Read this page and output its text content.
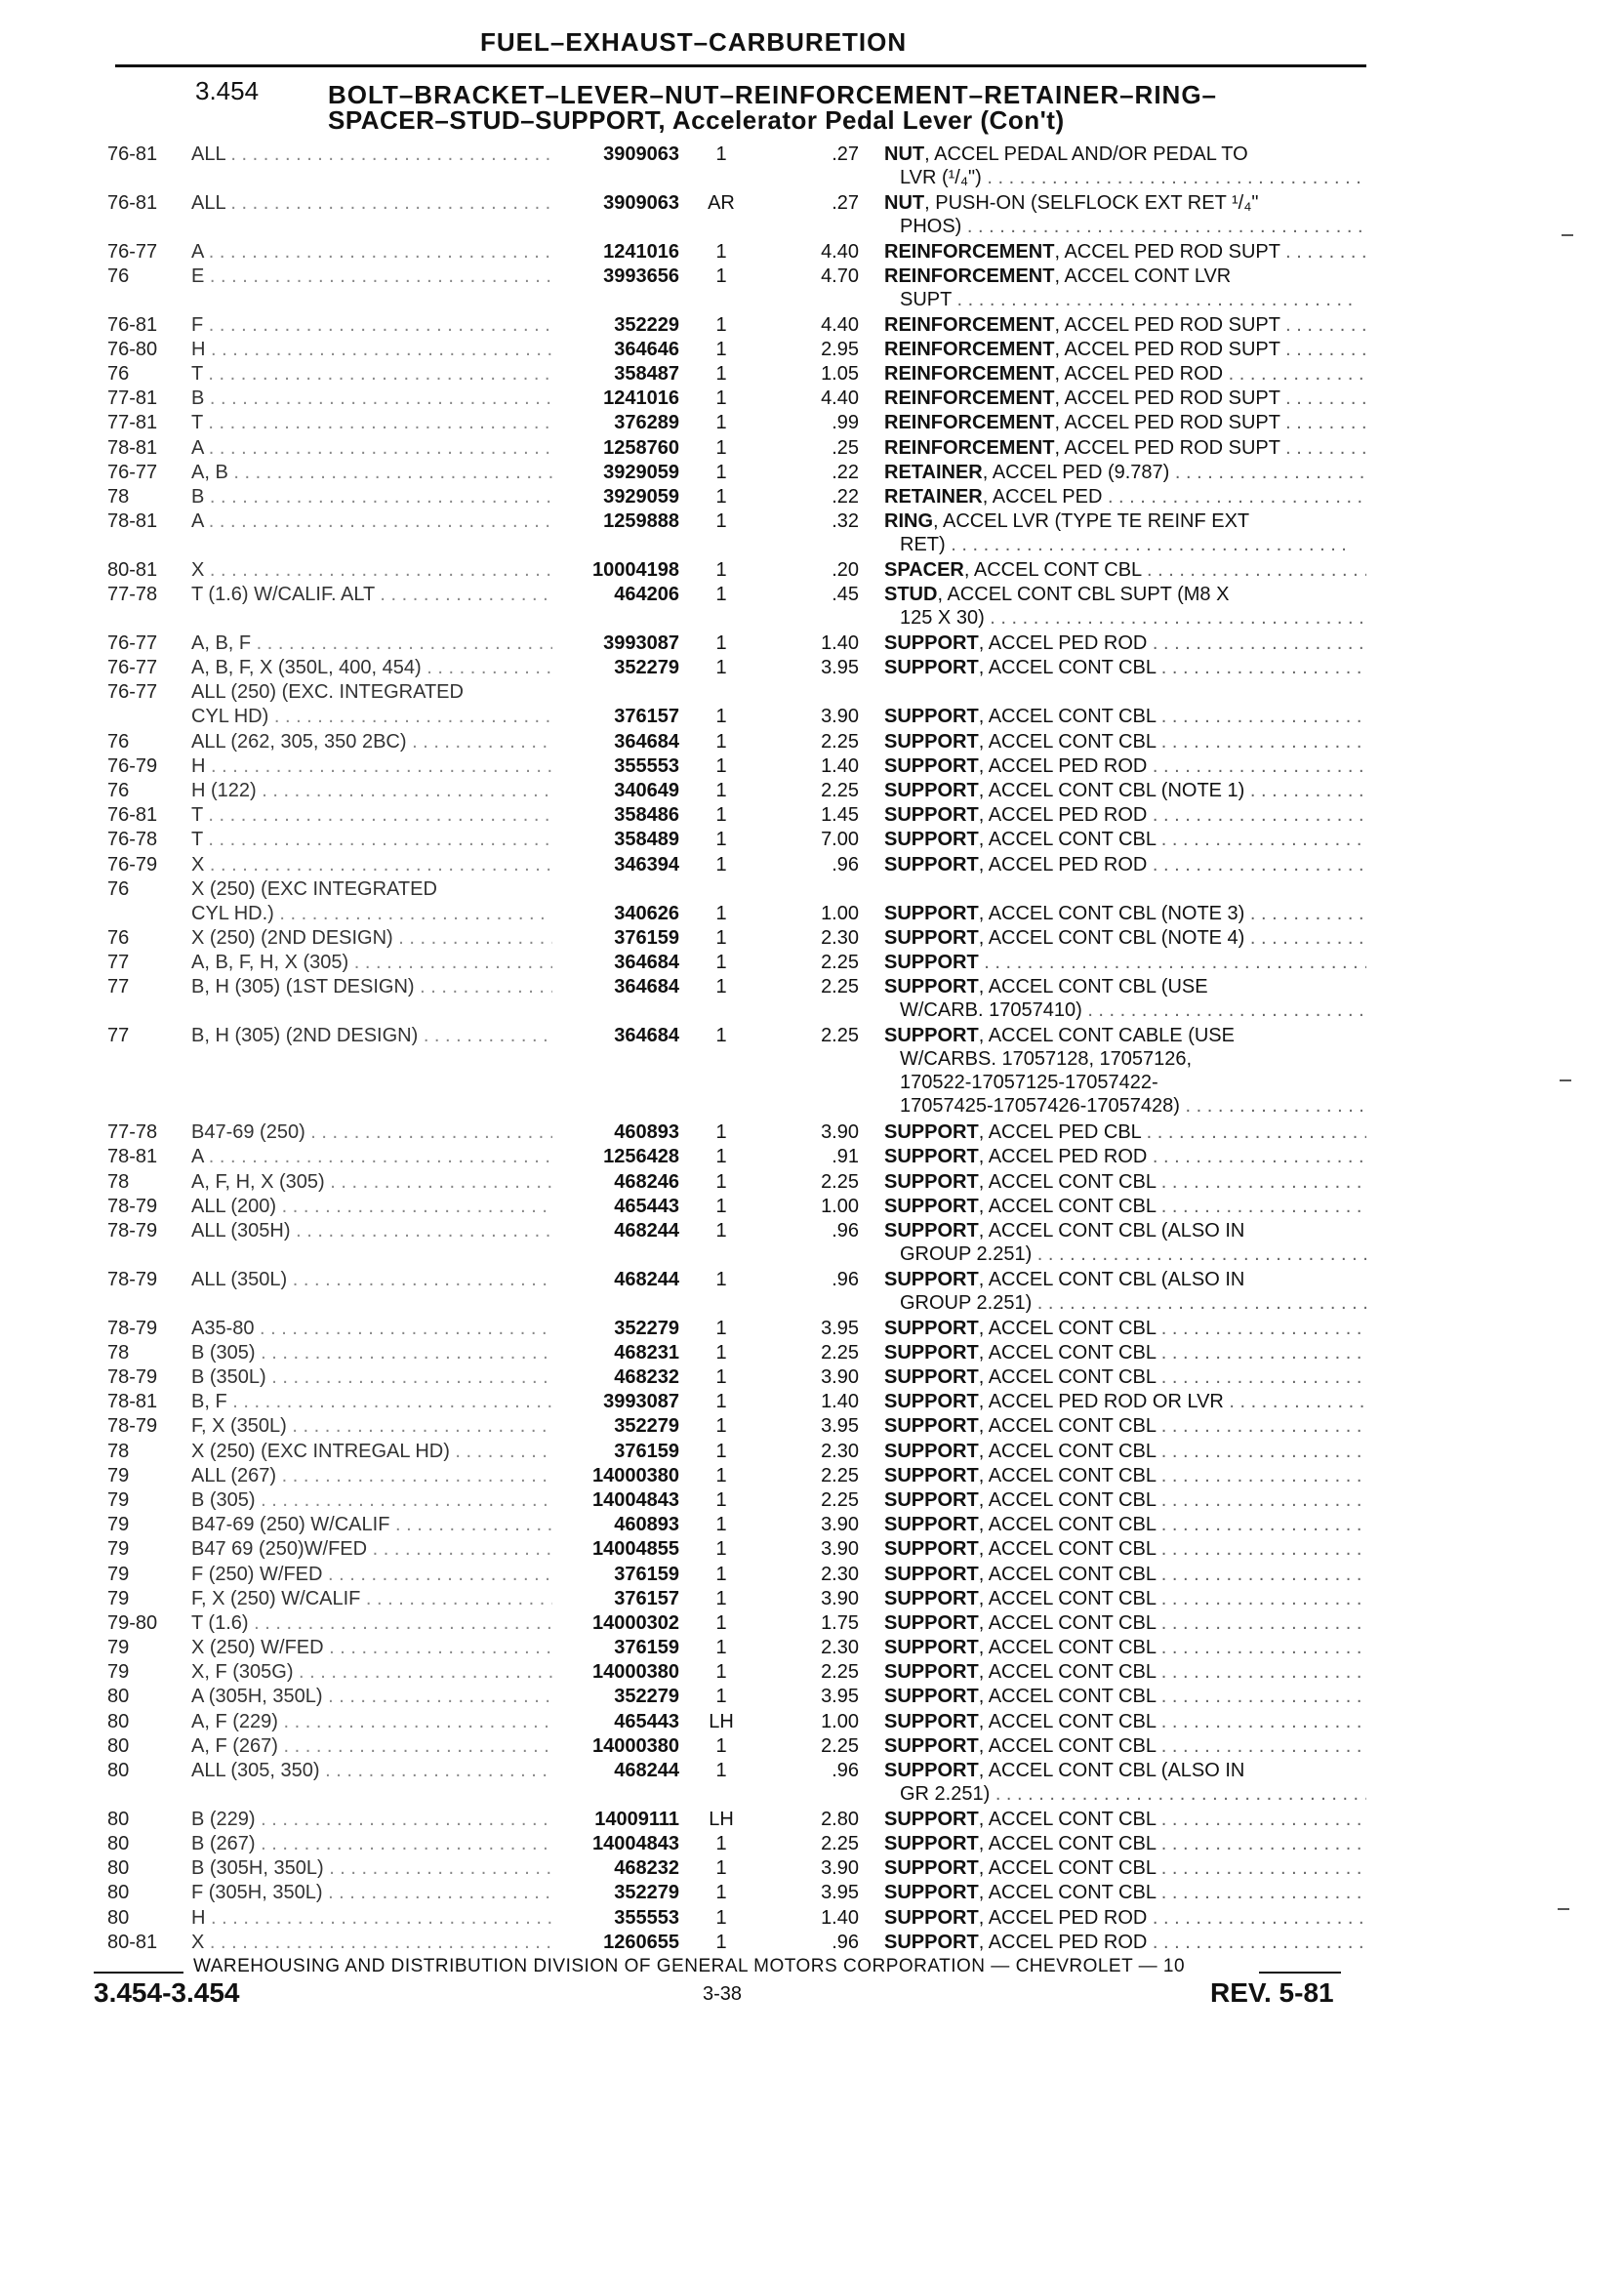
FUEL–EXHAUST–CARBURETION
3.454	BOLT–BRACKET–LEVER–NUT–REINFORCEMENT–RETAINER–RING–
SPACER–STUD–SUPPORT, Accelerator Pedal Lever (Con't)
76-81	ALL . . .	3909063	1	.27 NUT, ACCEL PEDAL AND/OR PEDAL TO
LVR (¹/₄") . . .
76-81	ALL . . .	3909063	AR	.27 NUT, PUSH-ON (SELFLOCK EXT RET ¹/₄"
PHOS) . . .
76-77	A . . .	1241016	1	4.40 REINFORCEMENT, ACCEL PED ROD SUPT . . .
76	E . . .	3993656	1	4.70 REINFORCEMENT, ACCEL CONT LVR
SUPT . . .
76-81	F . . .	352229	1	4.40 REINFORCEMENT, ACCEL PED ROD SUPT . . .
76-80	H . . .	364646	1	2.95 REINFORCEMENT, ACCEL PED ROD SUPT . . .
76	T . . .	358487	1	1.05 REINFORCEMENT, ACCEL PED ROD . . .
77-81	B . . .	1241016	1	4.40 REINFORCEMENT, ACCEL PED ROD SUPT . . .
77-81	T . . .	376289	1	.99 REINFORCEMENT, ACCEL PED ROD SUPT . . .
78-81	A . . .	1258760	1	.25 REINFORCEMENT, ACCEL PED ROD SUPT . . .
76-77	A, B . . .	3929059	1	.22 RETAINER, ACCEL PED (9.787) . . .
78	B . . .	3929059	1	.22 RETAINER, ACCEL PED . . .
78-81	A . . .	1259888	1	.32 RING, ACCEL LVR (TYPE TE REINF EXT
RET) . . .
80-81	X . . .	10004198	1	.20 SPACER, ACCEL CONT CBL . . .
77-78	T (1.6) W/CALIF. ALT . . .	464206	1	.45 STUD, ACCEL CONT CBL SUPT (M8 X
125 X 30) . . .
76-77	A, B, F . . .	3993087	1	1.40 SUPPORT, ACCEL PED ROD . . .
76-77	A, B, F, X (350L, 400, 454) . . .	352279	1	3.95 SUPPORT, ACCEL CONT CBL . . .
76-77	ALL (250) (EXC. INTEGRATED
CYL HD) . . .	376157	1	3.90 SUPPORT, ACCEL CONT CBL . . .
76	ALL (262, 305, 350 2BC) . . .	364684	1	2.25 SUPPORT, ACCEL CONT CBL . . .
76-79	H . . .	355553	1	1.40 SUPPORT, ACCEL PED ROD . . .
76	H (122) . . .	340649	1	2.25 SUPPORT, ACCEL CONT CBL (NOTE 1) . . .
76-81	T . . .	358486	1	1.45 SUPPORT, ACCEL PED ROD . . .
76-78	T . . .	358489	1	7.00 SUPPORT, ACCEL CONT CBL . . .
76-79	X . . .	346394	1	.96 SUPPORT, ACCEL PED ROD . . .
76	X (250) (EXC INTEGRATED
CYL HD.) . . .	340626	1	1.00 SUPPORT, ACCEL CONT CBL (NOTE 3) . . .
76	X (250) (2ND DESIGN) . . .	376159	1	2.30 SUPPORT, ACCEL CONT CBL (NOTE 4) . . .
77	A, B, F, H, X (305) . . .	364684	1	2.25 SUPPORT . . .
77	B, H (305) (1ST DESIGN) . . .	364684	1	2.25 SUPPORT, ACCEL CONT CBL (USE
W/CARB. 17057410) . . .
77	B, H (305) (2ND DESIGN) . . .	364684	1	2.25 SUPPORT, ACCEL CONT CABLE (USE
W/CARBS. 17057128, 17057126,
170522-17057125-17057422-
17057425-17057426-17057428) . . .
77-78	B47-69 (250) . . .	460893	1	3.90 SUPPORT, ACCEL PED CBL . . .
78-81	A . . .	1256428	1	.91 SUPPORT, ACCEL PED ROD . . .
78	A, F, H, X (305) . . .	468246	1	2.25 SUPPORT, ACCEL CONT CBL . . .
78-79	ALL (200) . . .	465443	1	1.00 SUPPORT, ACCEL CONT CBL . . .
78-79	ALL (305H) . . .	468244	1	.96 SUPPORT, ACCEL CONT CBL (ALSO IN
GROUP 2.251) . . .
78-79	ALL (350L) . . .	468244	1	.96 SUPPORT, ACCEL CONT CBL (ALSO IN
GROUP 2.251) . . .
78-79	A35-80 . . .	352279	1	3.95 SUPPORT, ACCEL CONT CBL . . .
78	B (305) . . .	468231	1	2.25 SUPPORT, ACCEL CONT CBL . . .
78-79	B (350L) . . .	468232	1	3.90 SUPPORT, ACCEL CONT CBL . . .
78-81	B, F . . .	3993087	1	1.40 SUPPORT, ACCEL PED ROD OR LVR . . .
78-79	F, X (350L) . . .	352279	1	3.95 SUPPORT, ACCEL CONT CBL . . .
78	X (250) (EXC INTREGAL HD) . . .	376159	1	2.30 SUPPORT, ACCEL CONT CBL . . .
79	ALL (267) . . .	14000380	1	2.25 SUPPORT, ACCEL CONT CBL . . .
79	B (305) . . .	14004843	1	2.25 SUPPORT, ACCEL CONT CBL . . .
79	B47-69 (250) W/CALIF . . .	460893	1	3.90 SUPPORT, ACCEL CONT CBL . . .
79	B47 69 (250)W/FED . . .	14004855	1	3.90 SUPPORT, ACCEL CONT CBL . . .
79	F (250) W/FED . . .	376159	1	2.30 SUPPORT, ACCEL CONT CBL . . .
79	F, X (250) W/CALIF . . .	376157	1	3.90 SUPPORT, ACCEL CONT CBL . . .
79-80	T (1.6) . . .	14000302	1	1.75 SUPPORT, ACCEL CONT CBL . . .
79	X (250) W/FED . . .	376159	1	2.30 SUPPORT, ACCEL CONT CBL . . .
79	X, F (305G) . . .	14000380	1	2.25 SUPPORT, ACCEL CONT CBL . . .
80	A (305H, 350L) . . .	352279	1	3.95 SUPPORT, ACCEL CONT CBL . . .
80	A, F (229) . . .	465443	LH	1.00 SUPPORT, ACCEL CONT CBL . . .
80	A, F (267) . . .	14000380	1	2.25 SUPPORT, ACCEL CONT CBL . . .
80	ALL (305, 350) . . .	468244	1	.96 SUPPORT, ACCEL CONT CBL (ALSO IN
GR 2.251) . . .
80	B (229) . . .	14009111	LH	2.80 SUPPORT, ACCEL CONT CBL . . .
80	B (267) . . .	14004843	1	2.25 SUPPORT, ACCEL CONT CBL . . .
80	B (305H, 350L) . . .	468232	1	3.90 SUPPORT, ACCEL CONT CBL . . .
80	F (305H, 350L) . . .	352279	1	3.95 SUPPORT, ACCEL CONT CBL . . .
80	H . . .	355553	1	1.40 SUPPORT, ACCEL PED ROD . . .
80-81	X . . .	1260655	1	.96 SUPPORT, ACCEL PED ROD . . .
WAREHOUSING AND DISTRIBUTION DIVISION OF GENERAL MOTORS CORPORATION — CHEVROLET — 10
3.454-3.454	3-38	REV. 5-81
